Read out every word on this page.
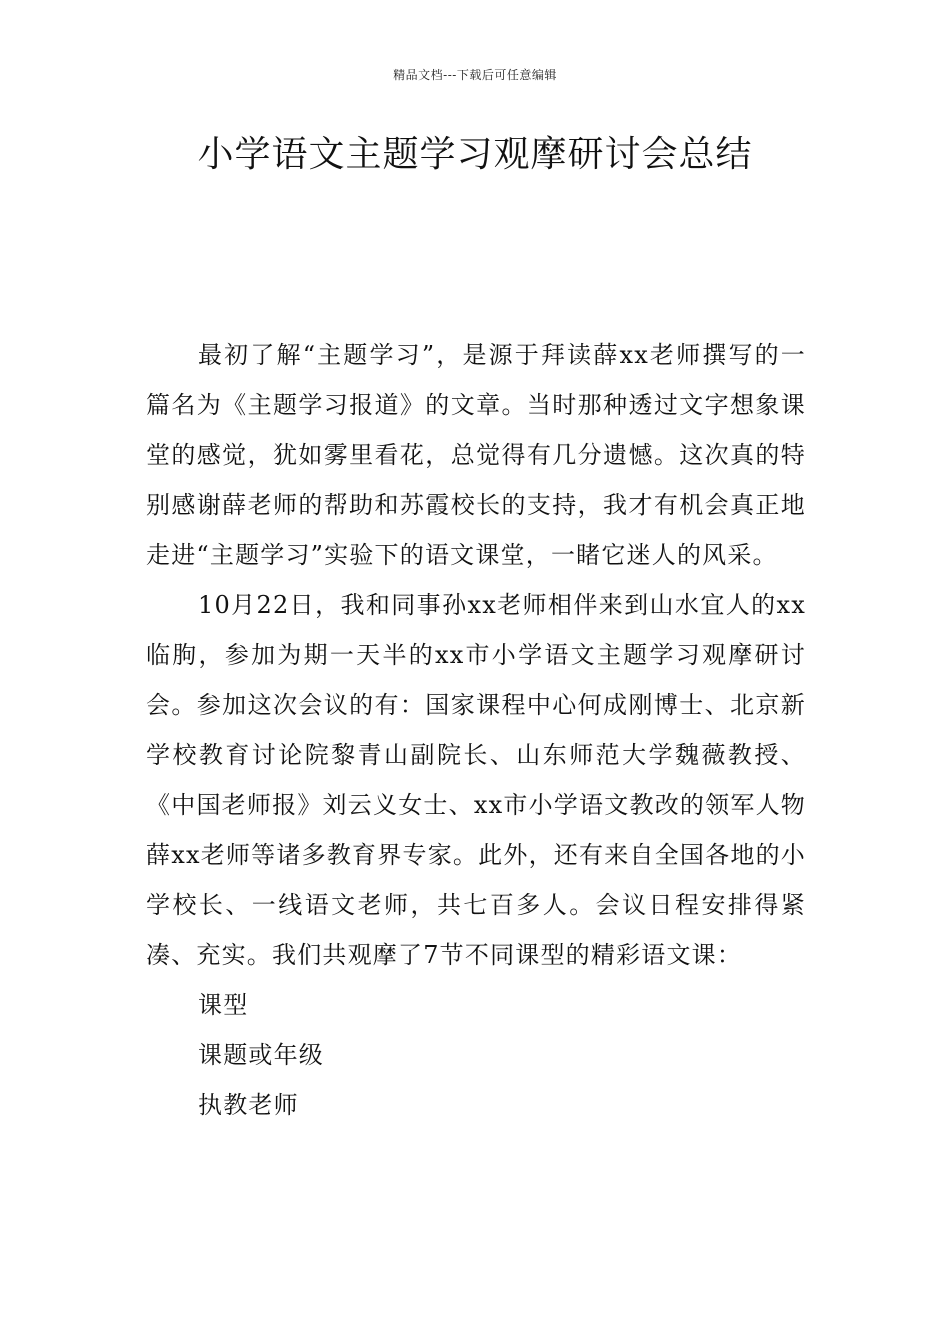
精品文档---下载后可任意编辑
小学语文主题学习观摩研讨会总结

最初了解“主题学习”，是源于拜读薛xx老师撰写的一篇名为《主题学习报道》的文章。当时那种透过文字想象课堂的感觉，犹如雾里看花，总觉得有几分遗憾。这次真的特别感谢薛老师的帮助和苏霞校长的支持，我才有机会真正地走进“主题学习”实验下的语文课堂，一睹它迷人的风采。

10月22日，我和同事孙xx老师相伴来到山水宜人的xx临朐，参加为期一天半的xx市小学语文主题学习观摩研讨会。参加这次会议的有：国家课程中心何成刚博士、北京新学校教育讨论院黎青山副院长、山东师范大学魏薇教授、《中国老师报》刘云义女士、xx市小学语文教改的领军人物薛xx老师等诸多教育界专家。此外，还有来自全国各地的小学校长、一线语文老师，共七百多人。会议日程安排得紧凑、充实。我们共观摩了7节不同课型的精彩语文课：

课型

课题或年级

执教老师
